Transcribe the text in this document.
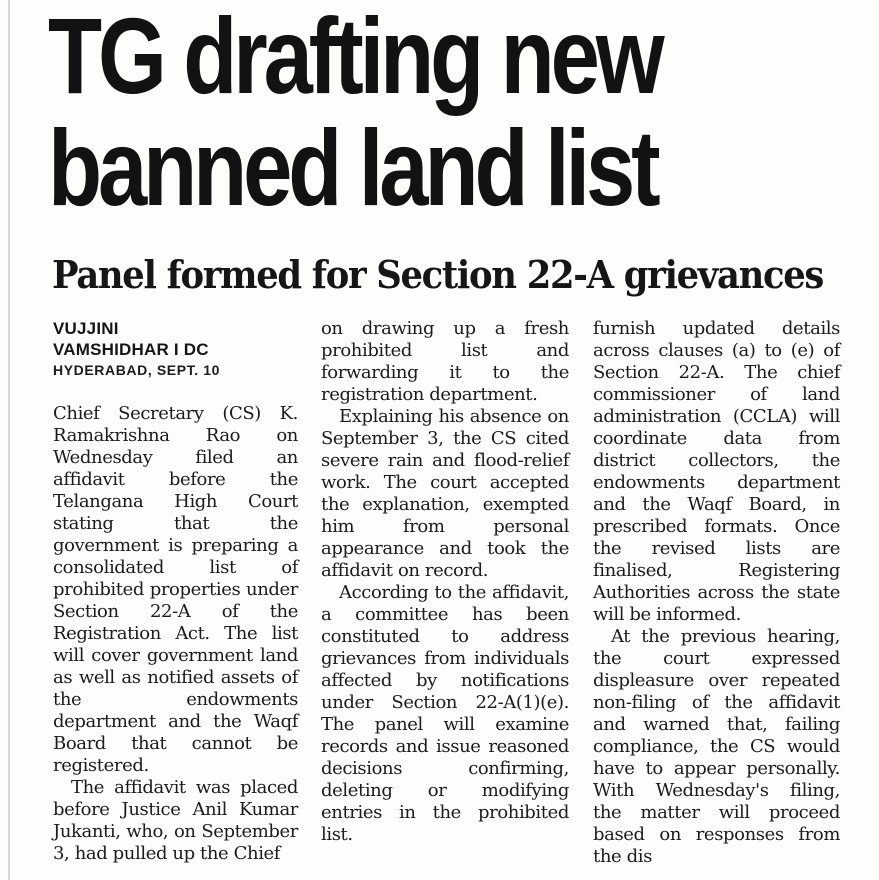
TG drafting new
banned land list
Panel formed for Section 22-A grievances
VUJJINI
VAMSHIDHAR I DC
HYDERABAD, SEPT. 10

Chief Secretary (CS) K. Ramakrishna Rao on Wednesday filed an affidavit before the Telangana High Court stating that the government is preparing a consolidated list of prohibited properties under Section 22-A of the Registration Act. The list will cover government land as well as notified assets of the endowments department and the Waqf Board that cannot be registered.

The affidavit was placed before Justice Anil Kumar Jukanti, who, on September 3, had pulled up the Chief

on drawing up a fresh prohibited list and forwarding it to the registration department.

Explaining his absence on September 3, the CS cited severe rain and flood-relief work. The court accepted the explanation, exempted him from personal appearance and took the affidavit on record.

According to the affidavit, a committee has been constituted to address grievances from individuals affected by notifications under Section 22-A(1)(e). The panel will examine records and issue reasoned decisions confirming, deleting or modifying entries in the prohibited list.

furnish updated details across clauses (a) to (e) of Section 22-A. The chief commissioner of land administration (CCLA) will coordinate data from district collectors, the endowments department and the Waqf Board, in prescribed formats. Once the revised lists are finalised, Registering Authorities across the state will be informed.

At the previous hearing, the court expressed displeasure over repeated non-filing of the affidavit and warned that, failing compliance, the CS would have to appear personally. With Wednesday's filing, the matter will proceed based on responses from the dis
